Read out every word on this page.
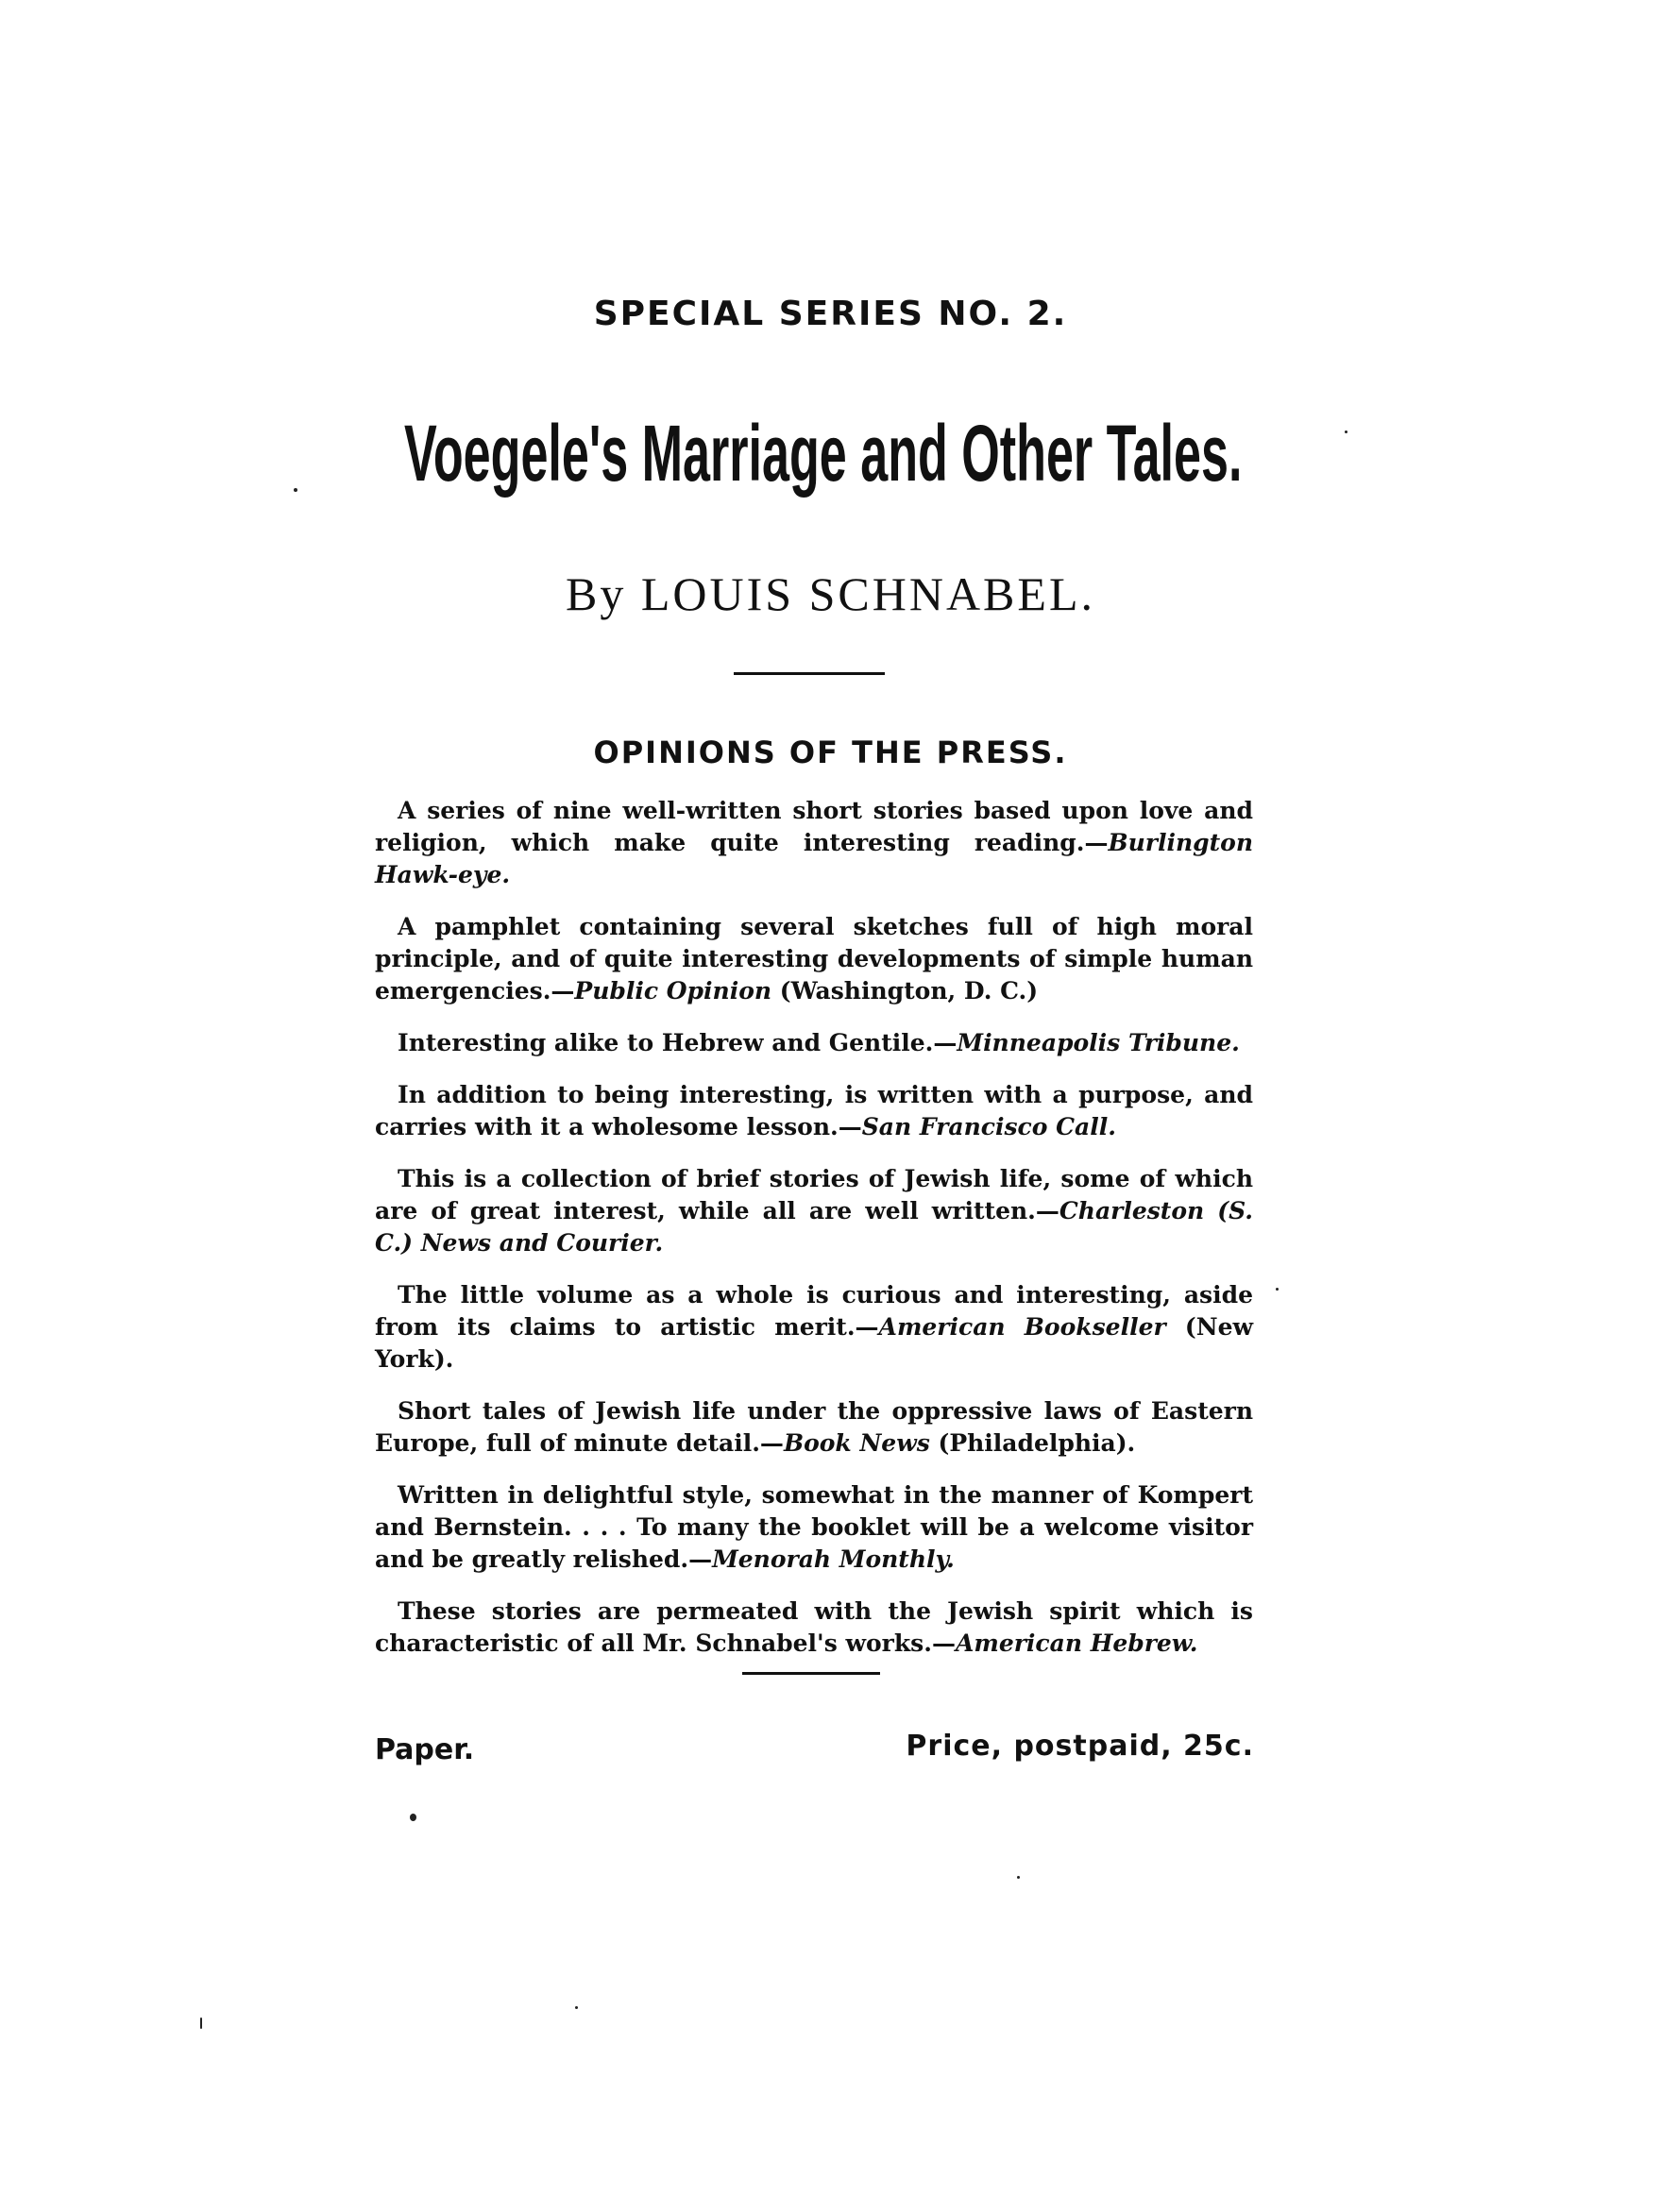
SPECIAL SERIES NO. 2.
Voegele's Marriage and Other Tales.
By LOUIS SCHNABEL.
OPINIONS OF THE PRESS.

A series of nine well-written short stories based upon love and religion, which make quite interesting reading.—Burlington Hawk-eye.

A pamphlet containing several sketches full of high moral principle, and of quite interesting developments of simple human emergencies.—Public Opinion (Washington, D. C.)

Interesting alike to Hebrew and Gentile.—Minneapolis Tribune.

In addition to being interesting, is written with a purpose, and carries with it a wholesome lesson.—San Francisco Call.

This is a collection of brief stories of Jewish life, some of which are of great interest, while all are well written.—Charleston (S. C.) News and Courier.

The little volume as a whole is curious and interesting, aside from its claims to artistic merit.—American Bookseller (New York).

Short tales of Jewish life under the oppressive laws of Eastern Europe, full of minute detail.—Book News (Philadelphia).

Written in delightful style, somewhat in the manner of Kompert and Bernstein. . . . To many the booklet will be a welcome visitor and be greatly relished.—Menorah Monthly.

These stories are permeated with the Jewish spirit which is characteristic of all Mr. Schnabel's works.—American Hebrew.

Paper.	Price, postpaid, 25c.
